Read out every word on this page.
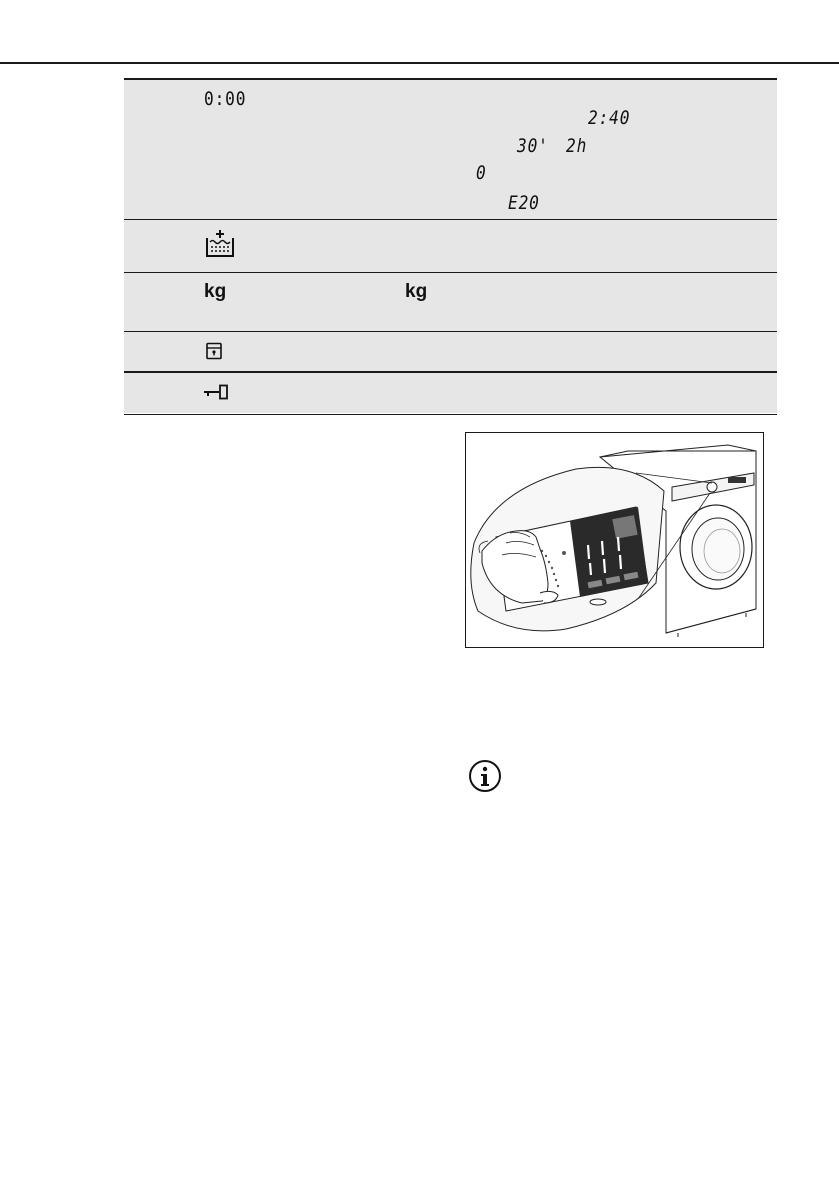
0:00
2:40
30' 2h
0
E20
kg	kg
